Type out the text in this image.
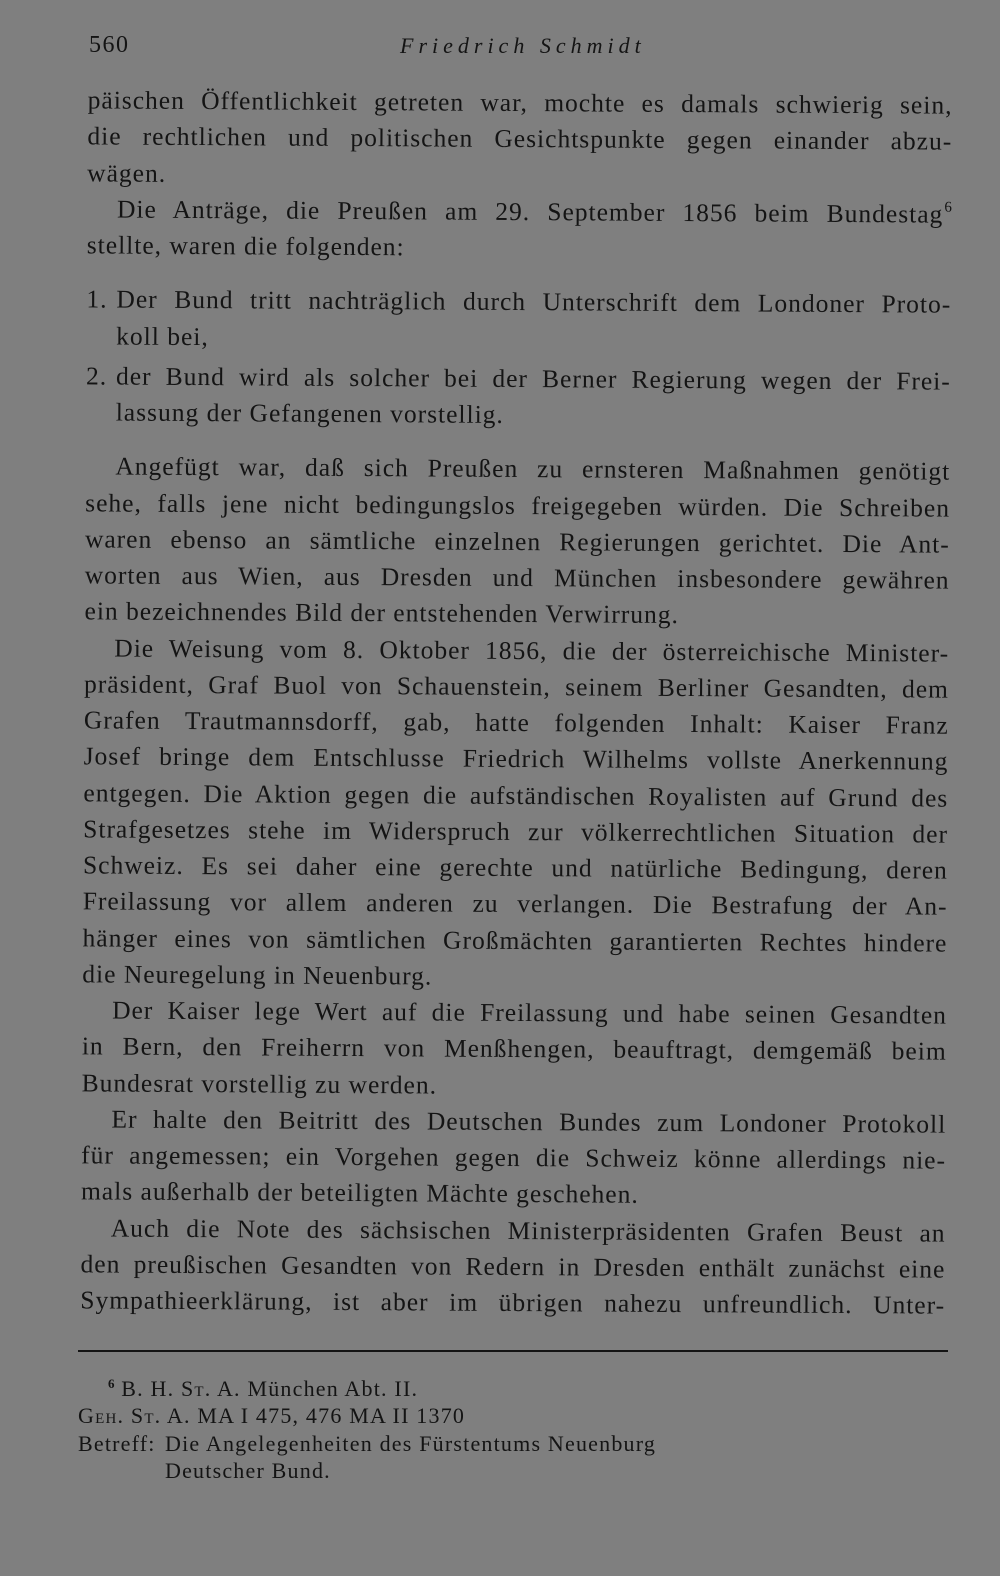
560	Friedrich Schmidt
päischen Öffentlichkeit getreten war, mochte es damals schwierig sein,
die rechtlichen und politischen Gesichtspunkte gegen einander abzu-
wägen.
Die Anträge, die Preußen am 29. September 1856 beim Bundestag$^6$
stellte, waren die folgenden:
1. Der Bund tritt nachträglich durch Unterschrift dem Londoner Proto-
koll bei,
2. der Bund wird als solcher bei der Berner Regierung wegen der Frei-
lassung der Gefangenen vorstellig.
Angefügt war, daß sich Preußen zu ernsteren Maßnahmen genötigt
sehe, falls jene nicht bedingungslos freigegeben würden. Die Schreiben
waren ebenso an sämtliche einzelnen Regierungen gerichtet. Die Ant-
worten aus Wien, aus Dresden und München insbesondere gewähren
ein bezeichnendes Bild der entstehenden Verwirrung.
Die Weisung vom 8. Oktober 1856, die der österreichische Minister-
präsident, Graf Buol von Schauenstein, seinem Berliner Gesandten, dem
Grafen Trautmannsdorff, gab, hatte folgenden Inhalt: Kaiser Franz
Josef bringe dem Entschlusse Friedrich Wilhelms vollste Anerkennung
entgegen. Die Aktion gegen die aufständischen Royalisten auf Grund des
Strafgesetzes stehe im Widerspruch zur völkerrechtlichen Situation der
Schweiz. Es sei daher eine gerechte und natürliche Bedingung, deren
Freilassung vor allem anderen zu verlangen. Die Bestrafung der An-
hänger eines von sämtlichen Großmächten garantierten Rechtes hindere
die Neuregelung in Neuenburg.
Der Kaiser lege Wert auf die Freilassung und habe seinen Gesandten
in Bern, den Freiherrn von Menßhengen, beauftragt, demgemäß beim
Bundesrat vorstellig zu werden.
Er halte den Beitritt des Deutschen Bundes zum Londoner Protokoll
für angemessen; ein Vorgehen gegen die Schweiz könne allerdings nie-
mals außerhalb der beteiligten Mächte geschehen.
Auch die Note des sächsischen Ministerpräsidenten Grafen Beust an
den preußischen Gesandten von Redern in Dresden enthält zunächst eine
Sympathieerklärung, ist aber im übrigen nahezu unfreundlich. Unter-
$^6$ B. H. St. A. München Abt. II.
Geh. St. A. MA I 475, 476 MA II 1370
Betreff: Die Angelegenheiten des Fürstentums Neuenburg
Deutscher Bund.
